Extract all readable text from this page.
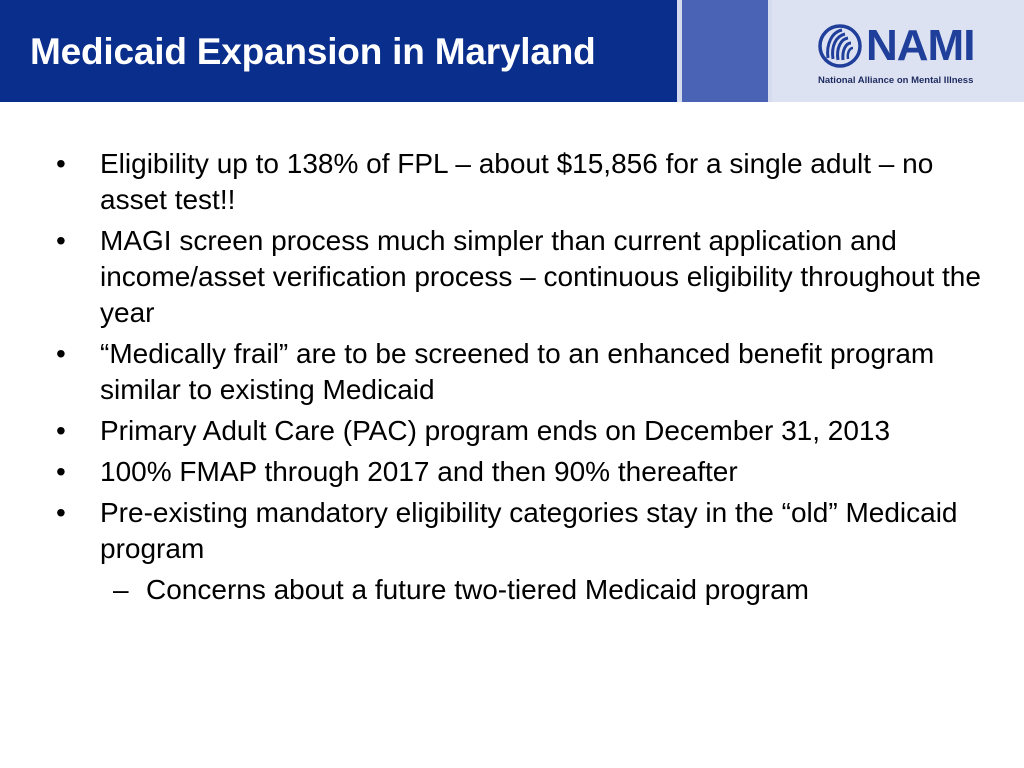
Medicaid Expansion in Maryland	NAMI
National Alliance on Mental Illness
•	Eligibility up to 138% of FPL – about $15,856 for a single adult – no asset test!!
•	MAGI screen process much simpler than current application and income/asset verification process – continuous eligibility throughout the year
•	“Medically frail” are to be screened to an enhanced benefit program similar to existing Medicaid
•	Primary Adult Care (PAC) program ends on December 31, 2013
•	100% FMAP through 2017 and then 90% thereafter
•	Pre-existing mandatory eligibility categories stay in the “old” Medicaid program
– Concerns about a future two-tiered Medicaid program
